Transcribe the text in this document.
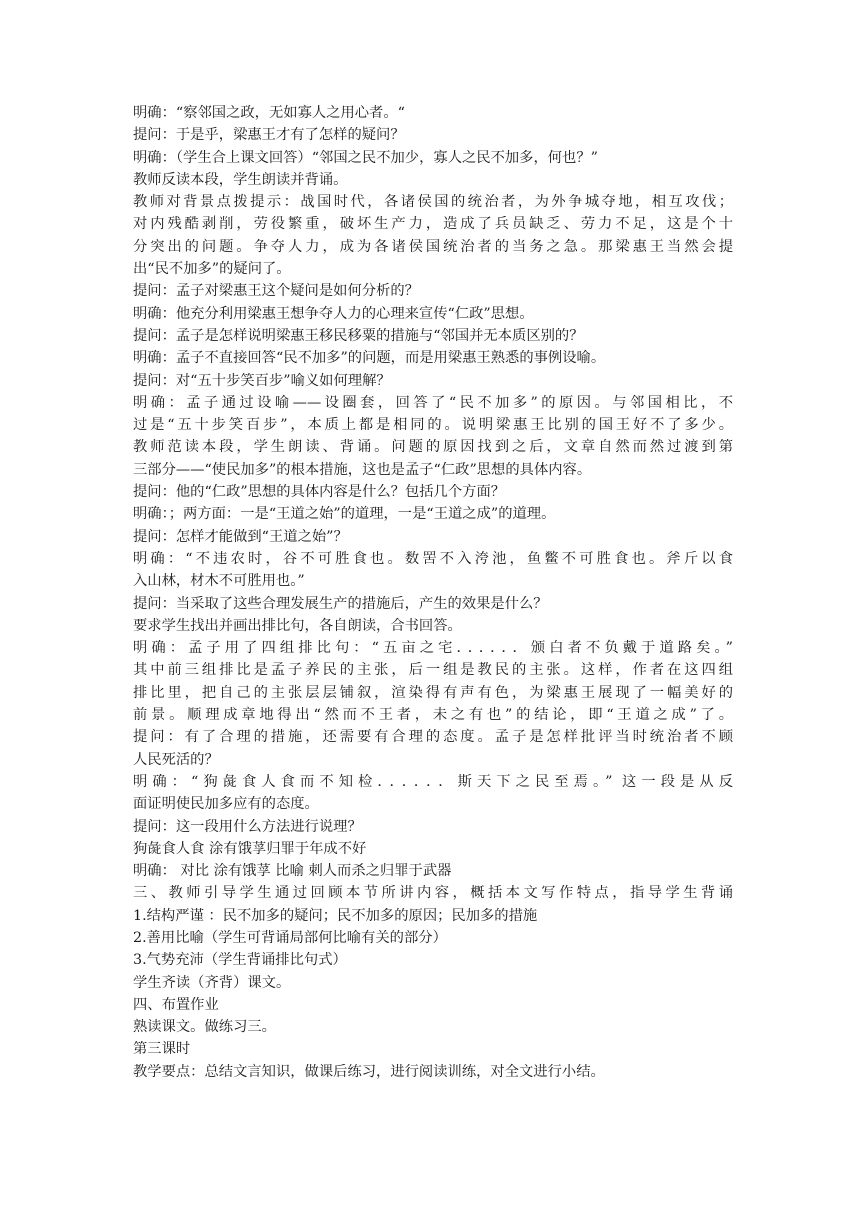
明确：“察邻国之政，无如寡人之用心者。“
提问：于是乎，梁惠王才有了怎样的疑问？
明确：（学生合上课文回答）“邻国之民不加少，寡人之民不加多，何也？”
教师反读本段，学生朗读并背诵。
教师对背景点拨提示：战国时代，各诸侯国的统治者，为外争城夺地，相互攻伐；
对内残酷剥削，劳役繁重，破坏生产力，造成了兵员缺乏、劳力不足，这是个十
分突出的问题。争夺人力，成为各诸侯国统治者的当务之急。那梁惠王当然会提
出“民不加多”的疑问了。
提问：孟子对梁惠王这个疑问是如何分析的？
明确：他充分利用梁惠王想争夺人力的心理来宣传“仁政”思想。
提问：孟子是怎样说明梁惠王移民移粟的措施与“邻国并无本质区别的？
明确：孟子不直接回答“民不加多”的问题，而是用梁惠王熟悉的事例设喻。
提问：对“五十步笑百步”喻义如何理解？
明确：孟子通过设喻——设圈套，回答了“民不加多”的原因。与邻国相比，不
过是“五十步笑百步”，本质上都是相同的。说明梁惠王比别的国王好不了多少。
教师范读本段，学生朗读、背诵。问题的原因找到之后，文章自然而然过渡到第
三部分——“使民加多”的根本措施，这也是孟子“仁政”思想的具体内容。
提问：他的“仁政”思想的具体内容是什么？包括几个方面？
明确：；两方面：一是“王道之始”的道理，一是“王道之成”的道理。
提问：怎样才能做到“王道之始”？
明确：“不违农时，谷不可胜食也。数罟不入洿池，鱼鳖不可胜食也。斧斤以食
入山林，材木不可胜用也。”
提问：当采取了这些合理发展生产的措施后，产生的效果是什么？
要求学生找出并画出排比句，各自朗读，合书回答。
明确：孟子用了四组排比句：“五亩之宅．．．．．．颁白者不负戴于道路矣。”
其中前三组排比是孟子养民的主张，后一组是教民的主张。这样，作者在这四组
排比里，把自己的主张层层铺叙，渲染得有声有色，为梁惠王展现了一幅美好的
前景。顺理成章地得出“然而不王者，未之有也”的结论，即“王道之成”了。
提问：有了合理的措施，还需要有合理的态度。孟子是怎样批评当时统治者不顾
人民死活的？
明确：“狗彘食人食而不知检．．．．．．斯天下之民至焉。” 这一段是从反
面证明使民加多应有的态度。
提问：这一段用什么方法进行说理？
狗彘食人食 涂有饿莩归罪于年成不好
明确： 对比 涂有饿莩 比喻 刺人而杀之归罪于武器
三、教师引导学生通过回顾本节所讲内容，概括本文写作特点，指导学生背诵
1.结构严谨 ：民不加多的疑问；民不加多的原因；民加多的措施
2.善用比喻（学生可背诵局部何比喻有关的部分）
3.气势充沛（学生背诵排比句式）
学生齐读（齐背）课文。
四、布置作业
熟读课文。做练习三。
第三课时
教学要点：总结文言知识，做课后练习，进行阅读训练，对全文进行小结。
